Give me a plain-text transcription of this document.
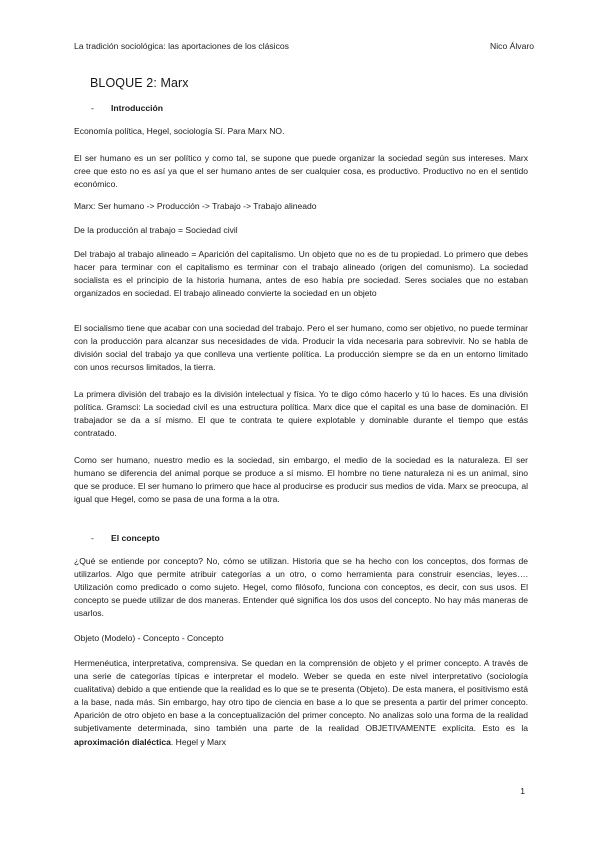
La tradición sociológica: las aportaciones de los clásicos	Nico Álvaro
BLOQUE 2: Marx
- Introducción

Economía política, Hegel, sociología Sí. Para Marx NO.

El ser humano es un ser político y como tal, se supone que puede organizar la sociedad según sus intereses. Marx cree que esto no es así ya que el ser humano antes de ser cualquier cosa, es productivo. Productivo no en el sentido económico.

Marx: Ser humano -> Producción -> Trabajo -> Trabajo alineado

De la producción al trabajo = Sociedad civil

Del trabajo al trabajo alineado = Aparición del capitalismo. Un objeto que no es de tu propiedad. Lo primero que debes hacer para terminar con el capitalismo es terminar con el trabajo alineado (origen del comunismo). La sociedad socialista es el principio de la historia humana, antes de eso había pre sociedad. Seres sociales que no estaban organizados en sociedad. El trabajo alineado convierte la sociedad en un objeto

El socialismo tiene que acabar con una sociedad del trabajo. Pero el ser humano, como ser objetivo, no puede terminar con la producción para alcanzar sus necesidades de vida. Producir la vida necesaria para sobrevivir. No se habla de división social del trabajo ya que conlleva una vertiente política. La producción siempre se da en un entorno limitado con unos recursos limitados, la tierra.

La primera división del trabajo es la división intelectual y física. Yo te digo cómo hacerlo y tú lo haces. Es una división política. Gramsci: La sociedad civil es una estructura política. Marx dice que el capital es una base de dominación. El trabajador se da a sí mismo. El que te contrata te quiere explotable y dominable durante el tiempo que estás contratado.

Como ser humano, nuestro medio es la sociedad, sin embargo, el medio de la sociedad es la naturaleza. El ser humano se diferencia del animal porque se produce a sí mismo. El hombre no tiene naturaleza ni es un animal, sino que se produce. El ser humano lo primero que hace al producirse es producir sus medios de vida. Marx se preocupa, al igual que Hegel, como se pasa de una forma a la otra.

- El concepto

¿Qué se entiende por concepto? No, cómo se utilizan. Historia que se ha hecho con los conceptos, dos formas de utilizarlos. Algo que permite atribuir categorías a un otro, o como herramienta para construir esencias, leyes…. Utilización como predicado o como sujeto. Hegel, como filósofo, funciona con conceptos, es decir, con sus usos. El concepto se puede utilizar de dos maneras. Entender qué significa los dos usos del concepto. No hay más maneras de usarlos.

Objeto (Modelo) - Concepto - Concepto

Hermenéutica, interpretativa, comprensiva. Se quedan en la comprensión de objeto y el primer concepto. A través de una serie de categorías típicas e interpretar el modelo. Weber se queda en este nivel interpretativo (sociología cualitativa) debido a que entiende que la realidad es lo que se te presenta (Objeto). De esta manera, el positivismo está a la base, nada más. Sin embargo, hay otro tipo de ciencia en base a lo que se presenta a partir del primer concepto. Aparición de otro objeto en base a la conceptualización del primer concepto. No analizas solo una forma de la realidad subjetivamente determinada, sino también una parte de la realidad OBJETIVAMENTE explícita. Esto es la aproximación dialéctica. Hegel y Marx

1
